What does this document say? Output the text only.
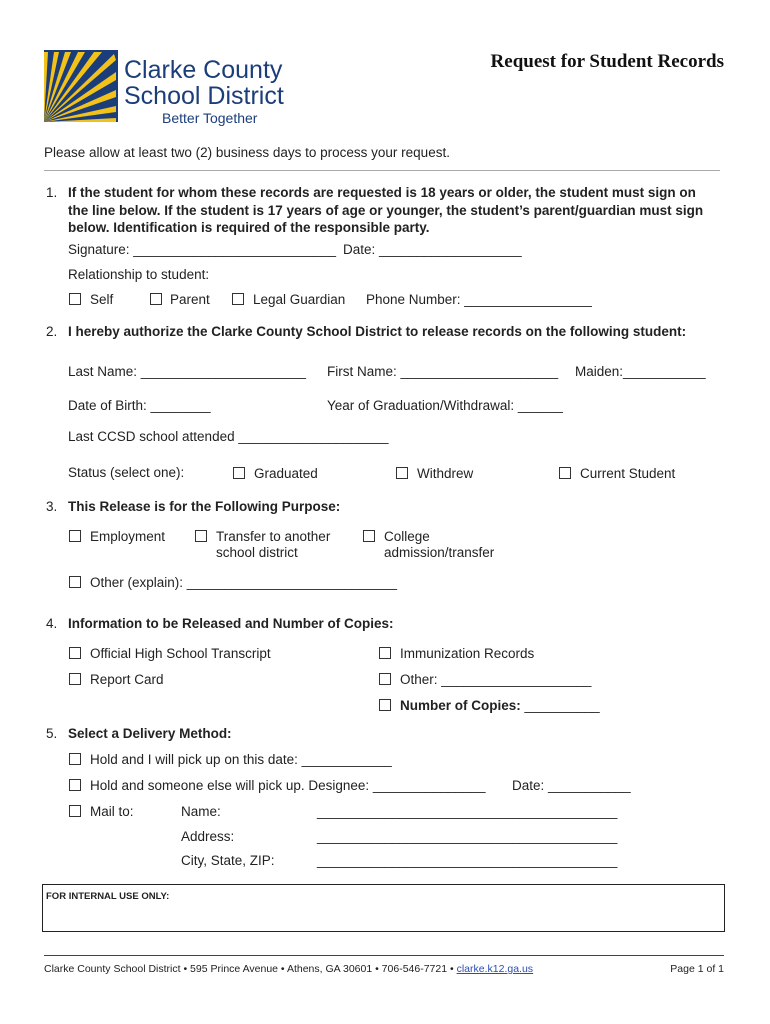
Clarke County
School District
Better Together
Request for Student Records
Please allow at least two (2) business days to process your request.
1. If the student for whom these records are requested is 18 years or older, the student must sign on
the line below. If the student is 17 years of age or younger, the student’s parent/guardian must sign
below. Identification is required of the responsible party.
Signature: ___________________________ Date: ___________________
Relationship to student:
Self	Parent	Legal Guardian Phone Number: _________________
2. I hereby authorize the Clarke County School District to release records on the following student:
Last Name: ______________________ First Name: _____________________ Maiden:___________
Date of Birth: ________	Year of Graduation/Withdrawal: ______
Last CCSD school attended ____________________
Status (select one):	Graduated	Withdrew	Current Student
3. This Release is for the Following Purpose:
Employment	Transfer to another
school district
College
admission/transfer
Other (explain): ____________________________
4. Information to be Released and Number of Copies:
Official High School Transcript	Immunization Records
Report Card	Other: ____________________
Number of Copies: __________
5. Select a Delivery Method:
Hold and I will pick up on this date: ____________
Hold and someone else will pick up. Designee: _______________ Date: ___________
Mail to:	Name:	________________________________________
Address:	________________________________________
City, State, ZIP:	________________________________________
FOR INTERNAL USE ONLY:
Clarke County School District • 595 Prince Avenue • Athens, GA 30601 • 706-546-7721 • clarke.k12.ga.us	Page 1 of 1
